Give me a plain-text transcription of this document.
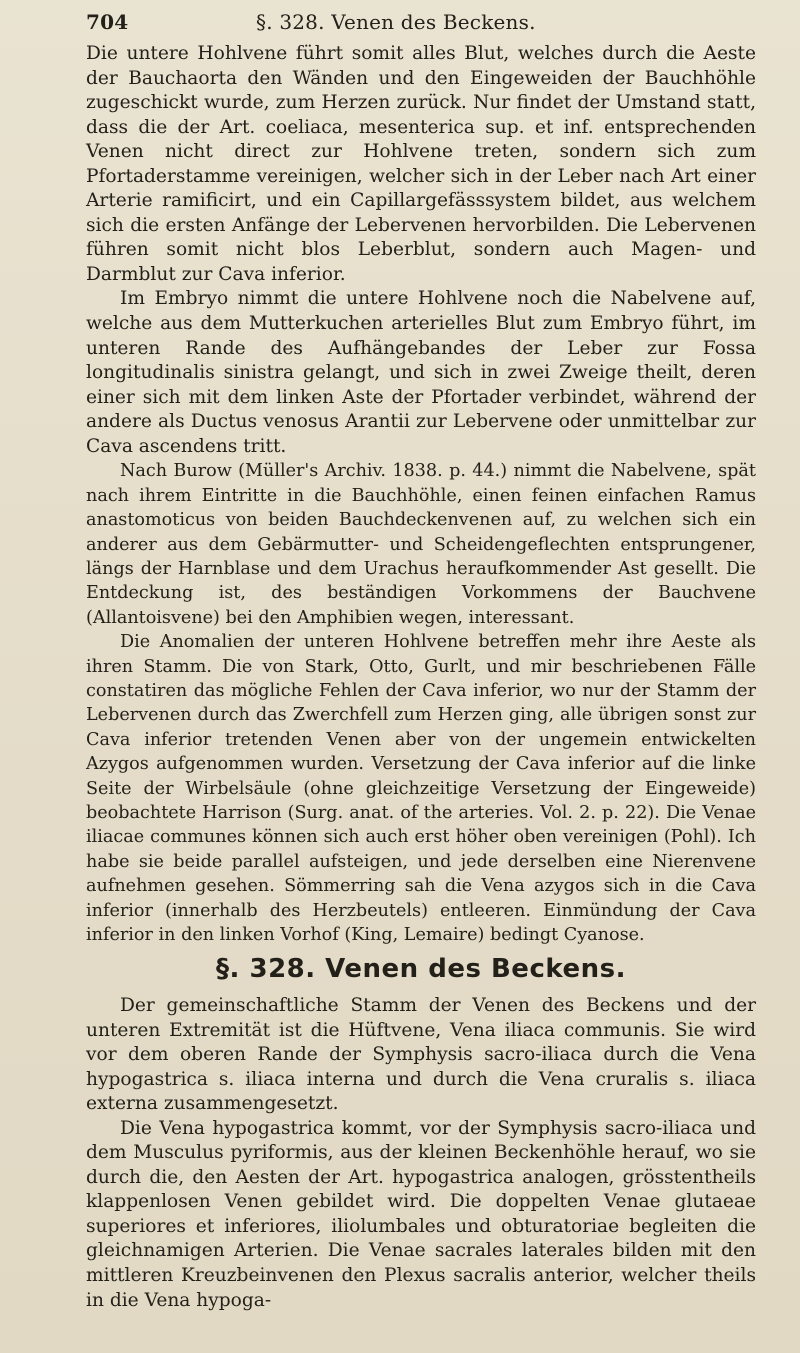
704	§. 328. Venen des Beckens.

Die untere Hohlvene führt somit alles Blut, welches durch die Aeste der Bauchaorta den Wänden und den Eingeweiden der Bauchhöhle zugeschickt wurde, zum Herzen zurück. Nur findet der Umstand statt, dass die der Art. coeliaca, mesenterica sup. et inf. entsprechenden Venen nicht direct zur Hohlvene treten, sondern sich zum Pfortaderstamme vereinigen, welcher sich in der Leber nach Art einer Arterie ramificirt, und ein Capillargefässsystem bildet, aus welchem sich die ersten Anfänge der Lebervenen hervorbilden. Die Lebervenen führen somit nicht blos Leberblut, sondern auch Magen- und Darmblut zur Cava inferior.

Im Embryo nimmt die untere Hohlvene noch die Nabelvene auf, welche aus dem Mutterkuchen arterielles Blut zum Embryo führt, im unteren Rande des Aufhängebandes der Leber zur Fossa longitudinalis sinistra gelangt, und sich in zwei Zweige theilt, deren einer sich mit dem linken Aste der Pfortader verbindet, während der andere als Ductus venosus Arantii zur Lebervene oder unmittelbar zur Cava ascendens tritt.

Nach Burow (Müller's Archiv. 1838. p. 44.) nimmt die Nabelvene, spät nach ihrem Eintritte in die Bauchhöhle, einen feinen einfachen Ramus anastomoticus von beiden Bauchdeckenvenen auf, zu welchen sich ein anderer aus dem Gebärmutter- und Scheidengeflechten entsprungener, längs der Harnblase und dem Urachus heraufkommender Ast gesellt. Die Entdeckung ist, des beständigen Vorkommens der Bauchvene (Allantoisvene) bei den Amphibien wegen, interessant.

Die Anomalien der unteren Hohlvene betreffen mehr ihre Aeste als ihren Stamm. Die von Stark, Otto, Gurlt, und mir beschriebenen Fälle constatiren das mögliche Fehlen der Cava inferior, wo nur der Stamm der Lebervenen durch das Zwerchfell zum Herzen ging, alle übrigen sonst zur Cava inferior tretenden Venen aber von der ungemein entwickelten Azygos aufgenommen wurden. Versetzung der Cava inferior auf die linke Seite der Wirbelsäule (ohne gleichzeitige Versetzung der Eingeweide) beobachtete Harrison (Surg. anat. of the arteries. Vol. 2. p. 22). Die Venae iliacae communes können sich auch erst höher oben vereinigen (Pohl). Ich habe sie beide parallel aufsteigen, und jede derselben eine Nierenvene aufnehmen gesehen. Sömmerring sah die Vena azygos sich in die Cava inferior (innerhalb des Herzbeutels) entleeren. Einmündung der Cava inferior in den linken Vorhof (King, Lemaire) bedingt Cyanose.

§. 328. Venen des Beckens.

Der gemeinschaftliche Stamm der Venen des Beckens und der unteren Extremität ist die Hüftvene, Vena iliaca communis. Sie wird vor dem oberen Rande der Symphysis sacro-iliaca durch die Vena hypogastrica s. iliaca interna und durch die Vena cruralis s. iliaca externa zusammengesetzt.

Die Vena hypogastrica kommt, vor der Symphysis sacro-iliaca und dem Musculus pyriformis, aus der kleinen Beckenhöhle herauf, wo sie durch die, den Aesten der Art. hypogastrica analogen, grösstentheils klappenlosen Venen gebildet wird. Die doppelten Venae glutaeae superiores et inferiores, iliolumbales und obturatoriae begleiten die gleichnamigen Arterien. Die Venae sacrales laterales bilden mit den mittleren Kreuzbeinvenen den Plexus sacralis anterior, welcher theils in die Vena hypoga-
